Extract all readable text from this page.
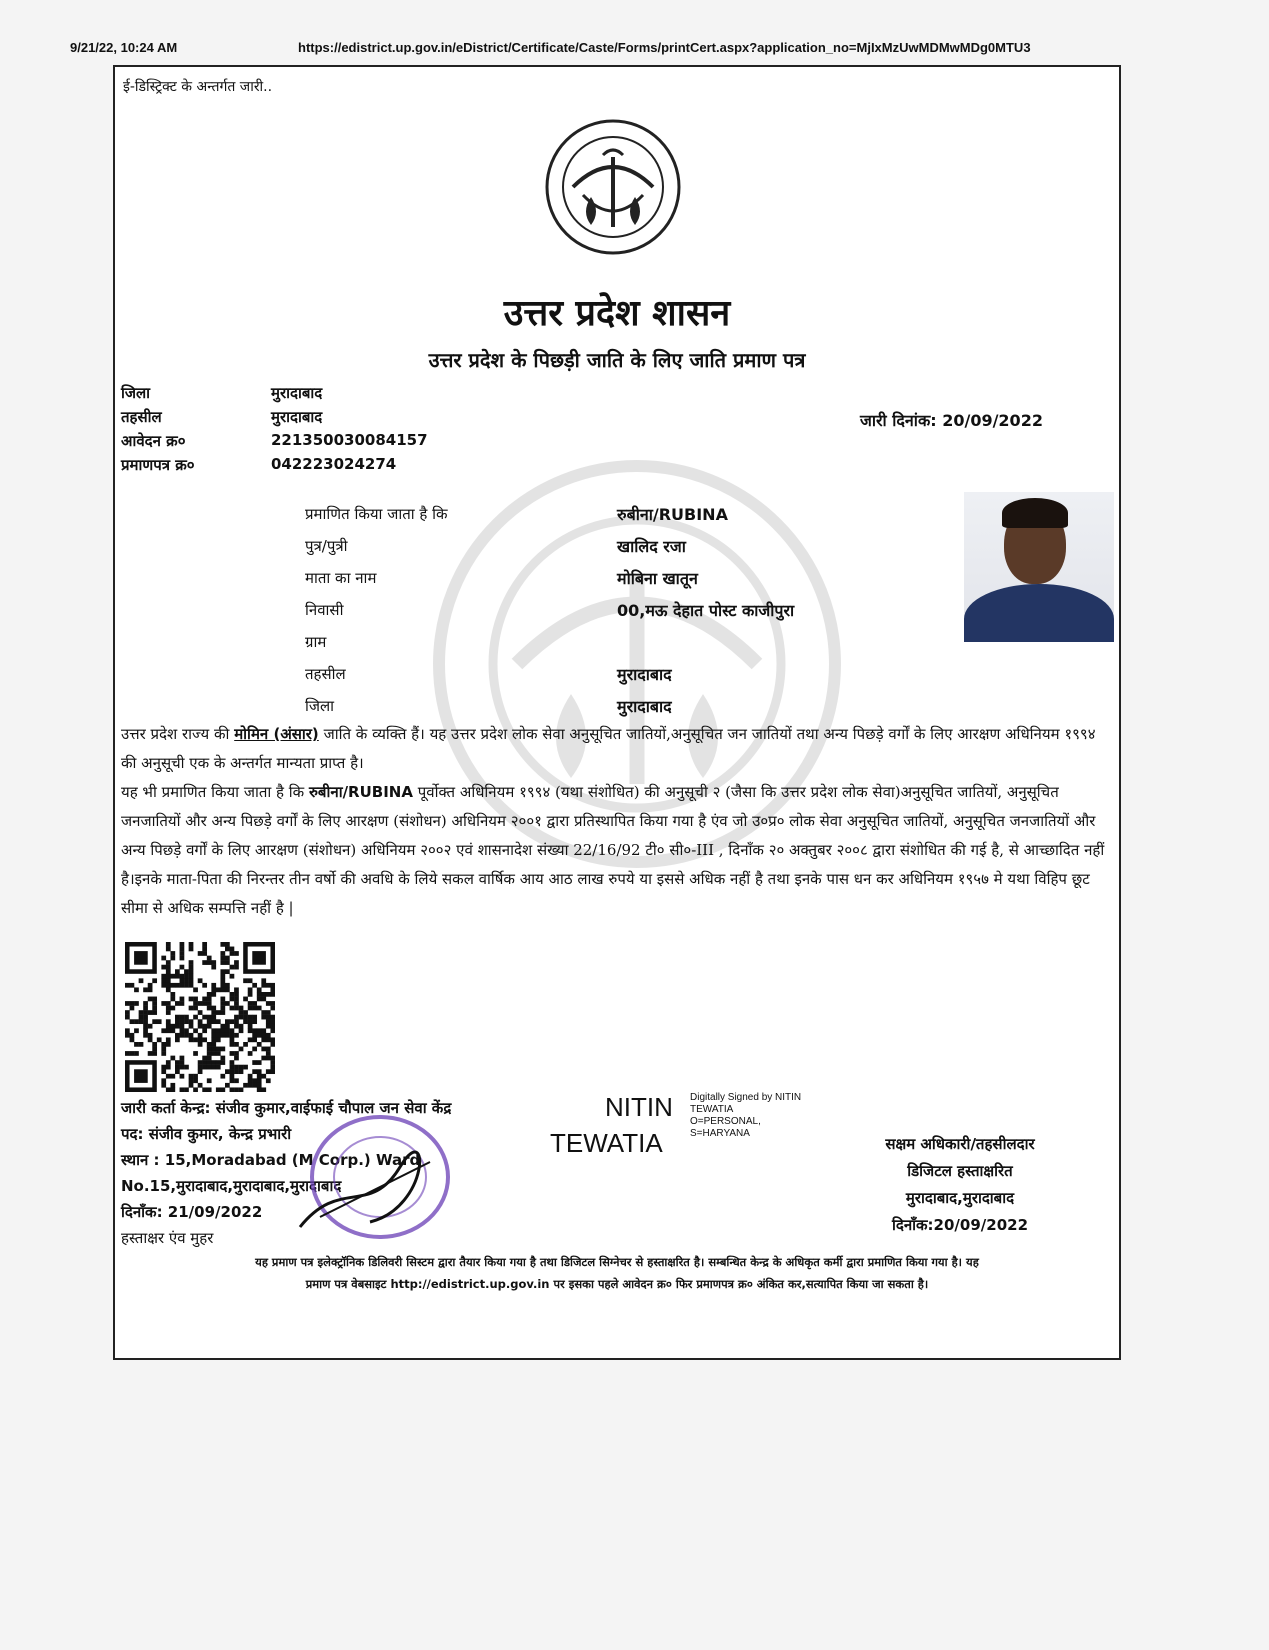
9/21/22, 10:24 AM	https://edistrict.up.gov.in/eDistrict/Certificate/Caste/Forms/printCert.aspx?application_no=MjIxMzUwMDMwMDg0MTU3
ई-डिस्ट्रिक्ट के अन्तर्गत जारी..
उत्तर प्रदेश शासन
उत्तर प्रदेश के पिछड़ी जाति के लिए जाति प्रमाण पत्र
जिला	मुरादाबाद
तहसील	मुरादाबाद
आवेदन क्र०	221350030084157
प्रमाणपत्र क्र०	042223024274
जारी दिनांक: 20/09/2022
प्रमाणित किया जाता है कि	रुबीना/RUBINA
पुत्र/पुत्री	खालिद रजा
माता का नाम	मोबिना खातून
निवासी	00,मऊ देहात पोस्ट काजीपुरा
ग्राम
तहसील	मुरादाबाद
जिला	मुरादाबाद
उत्तर प्रदेश राज्य की मोमिन (अंसार) जाति के व्यक्ति हैं। यह उत्तर प्रदेश लोक सेवा अनुसूचित जातियों,अनुसूचित जन जातियों तथा अन्य पिछड़े वर्गों के लिए आरक्षण अधिनियम १९९४ की अनुसूची एक के अन्तर्गत मान्यता प्राप्त है।
यह भी प्रमाणित किया जाता है कि रुबीना/RUBINA पूर्वोक्त अधिनियम १९९४ (यथा संशोधित) की अनुसूची २ (जैसा कि उत्तर प्रदेश लोक सेवा)अनुसूचित जातियों, अनुसूचित जनजातियों और अन्य पिछड़े वर्गों के लिए आरक्षण (संशोधन) अधिनियम २००१ द्वारा प्रतिस्थापित किया गया है एंव जो उ०प्र० लोक सेवा अनुसूचित जातियों, अनुसूचित जनजातियों और अन्य पिछड़े वर्गों के लिए आरक्षण (संशोधन) अधिनियम २००२ एवं शासनादेश संख्या 22/16/92 टी० सी०-III , दिनाँक २० अक्तुबर २००८ द्वारा संशोधित की गई है, से आच्छादित नहीं है।इनके माता-पिता की निरन्तर तीन वर्षो की अवधि के लिये सकल वार्षिक आय आठ लाख रुपये या इससे अधिक नहीं है तथा इनके पास धन कर अधिनियम १९५७ मे यथा विहिप छूट सीमा से अधिक सम्पत्ति नहीं है |
जारी कर्ता केन्द्र: संजीव कुमार,वाईफाई चौपाल जन सेवा केंद्र
पद: संजीव कुमार, केन्द्र प्रभारी
स्थान : 15,Moradabad (M Corp.) Ward
No.15,मुरादाबाद,मुरादाबाद,मुरादाबाद
दिनाँक: 21/09/2022
हस्ताक्षर एंव मुहर
NITIN
TEWATIA
Digitally Signed by NITIN
TEWATIA
O=PERSONAL,
S=HARYANA
सक्षम अधिकारी/तहसीलदार
डिजिटल हस्ताक्षरित
मुरादाबाद,मुरादाबाद
दिनाँक:20/09/2022
यह प्रमाण पत्र इलेक्ट्रॉनिक डिलिवरी सिस्टम द्वारा तैयार किया गया है तथा डिजिटल सिग्नेचर से हस्ताक्षरित है। सम्बन्धित केन्द्र के अधिकृत कर्मी द्वारा प्रमाणित किया गया है। यह
प्रमाण पत्र वेबसाइट http://edistrict.up.gov.in पर इसका पहले आवेदन क्र० फिर प्रमाणपत्र क्र० अंकित कर,सत्यापित किया जा सकता है।
